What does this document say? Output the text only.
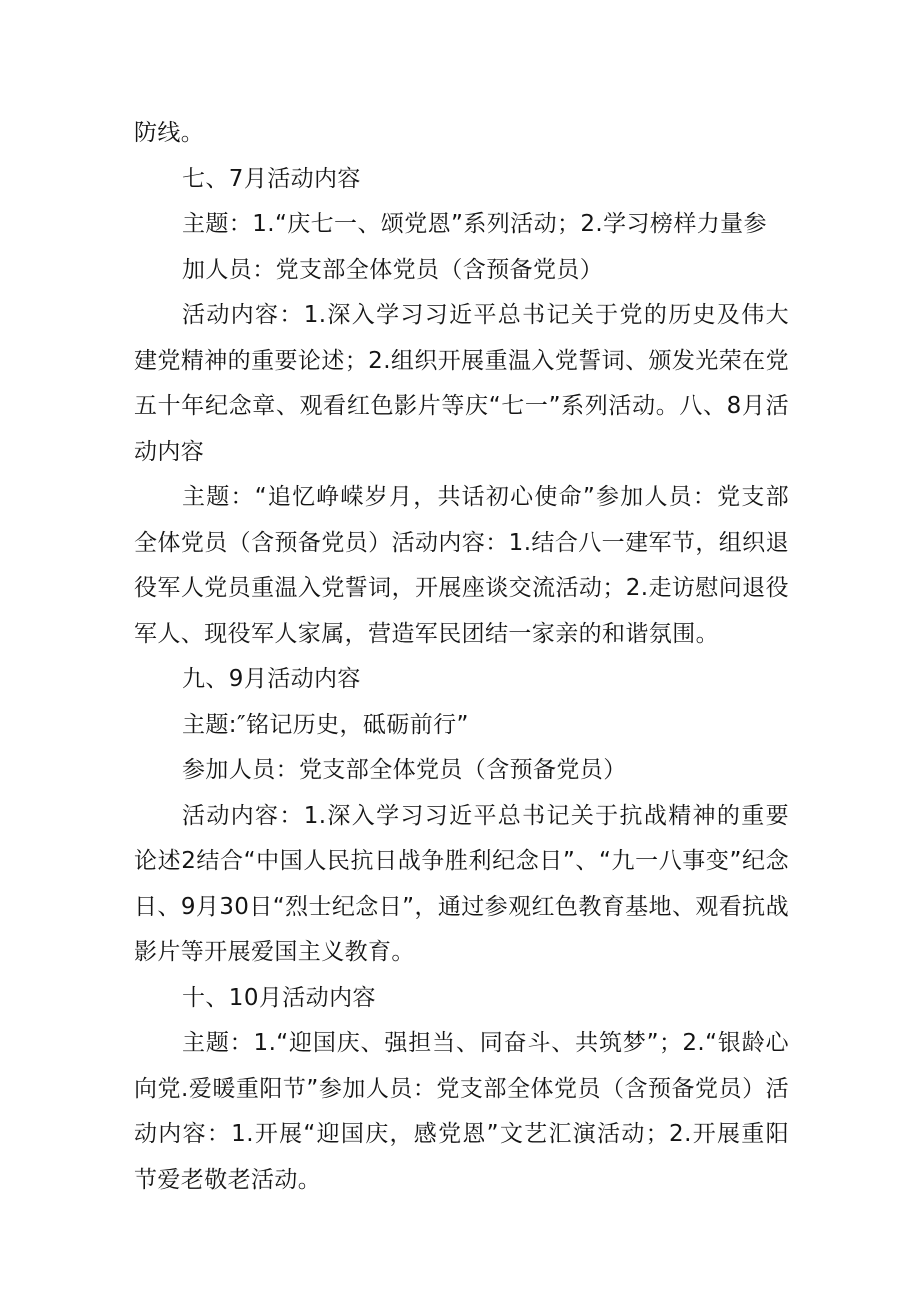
防线。

七、7月活动内容

主题：1.“庆七一、颂党恩”系列活动；2.学习榜样力量参

加人员：党支部全体党员（含预备党员）

活动内容：1.深入学习习近平总书记关于党的历史及伟大建党精神的重要论述；2.组织开展重温入党誓词、颁发光荣在党五十年纪念章、观看红色影片等庆“七一”系列活动。八、8月活动内容

主题：“追忆峥嵘岁月，共话初心使命”参加人员：党支部全体党员（含预备党员）活动内容：1.结合八一建军节，组织退役军人党员重温入党誓词，开展座谈交流活动；2.走访慰问退役军人、现役军人家属，营造军民团结一家亲的和谐氛围。

九、9月活动内容

主题:″铭记历史，砥砺前行”

参加人员：党支部全体党员（含预备党员）

活动内容：1.深入学习习近平总书记关于抗战精神的重要论述2结合“中国人民抗日战争胜利纪念日”、“九一八事变”纪念日、9月30日“烈士纪念日”，通过参观红色教育基地、观看抗战影片等开展爱国主义教育。

十、10月活动内容

主题：1.“迎国庆、强担当、同奋斗、共筑梦”；2.“银龄心向党.爱暖重阳节”参加人员：党支部全体党员（含预备党员）活动内容：1.开展“迎国庆，感党恩”文艺汇演活动；2.开展重阳节爱老敬老活动。
